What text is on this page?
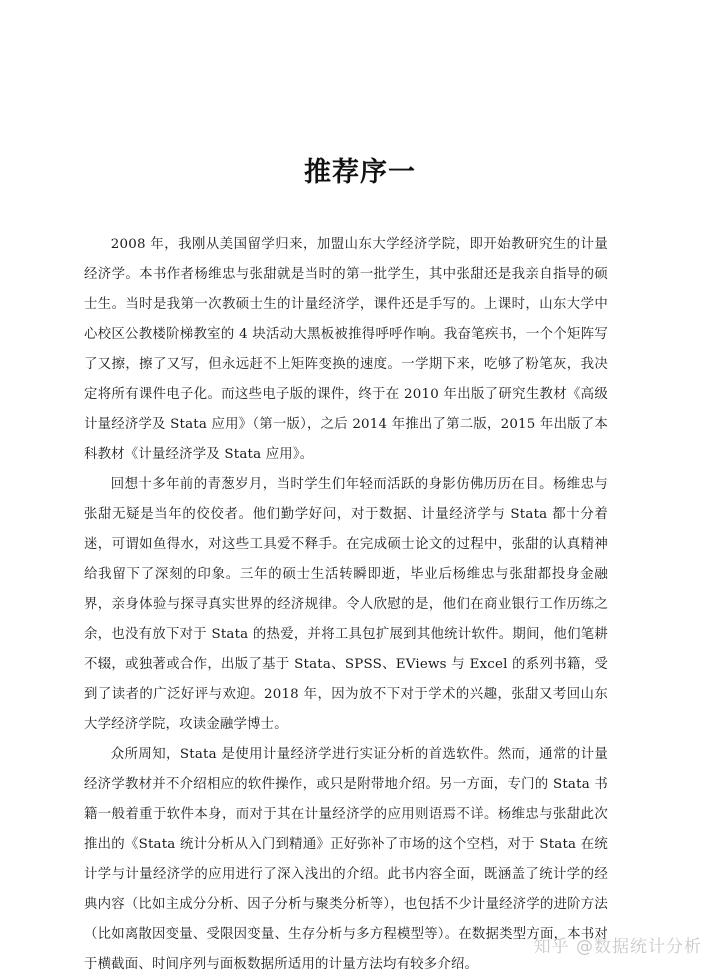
推荐序一

2008 年，我刚从美国留学归来，加盟山东大学经济学院，即开始教研究生的计量经济学。本书作者杨维忠与张甜就是当时的第一批学生，其中张甜还是我亲自指导的硕士生。当时是我第一次教硕士生的计量经济学，课件还是手写的。上课时，山东大学中心校区公教楼阶梯教室的 4 块活动大黑板被推得呼呼作响。我奋笔疾书，一个个矩阵写了又擦，擦了又写，但永远赶不上矩阵变换的速度。一学期下来，吃够了粉笔灰，我决定将所有课件电子化。而这些电子版的课件，终于在 2010 年出版了研究生教材《高级计量经济学及 Stata 应用》（第一版），之后 2014 年推出了第二版，2015 年出版了本科教材《计量经济学及 Stata 应用》。

回想十多年前的青葱岁月，当时学生们年轻而活跃的身影仿佛历历在目。杨维忠与张甜无疑是当年的佼佼者。他们勤学好问，对于数据、计量经济学与 Stata 都十分着迷，可谓如鱼得水，对这些工具爱不释手。在完成硕士论文的过程中，张甜的认真精神给我留下了深刻的印象。三年的硕士生活转瞬即逝，毕业后杨维忠与张甜都投身金融界，亲身体验与探寻真实世界的经济规律。令人欣慰的是，他们在商业银行工作历练之余，也没有放下对于 Stata 的热爱，并将工具包扩展到其他统计软件。期间，他们笔耕不辍，或独著或合作，出版了基于 Stata、SPSS、EViews 与 Excel 的系列书籍，受到了读者的广泛好评与欢迎。2018 年，因为放不下对于学术的兴趣，张甜又考回山东大学经济学院，攻读金融学博士。

众所周知，Stata 是使用计量经济学进行实证分析的首选软件。然而，通常的计量经济学教材并不介绍相应的软件操作，或只是附带地介绍。另一方面，专门的 Stata 书籍一般着重于软件本身，而对于其在计量经济学的应用则语焉不详。杨维忠与张甜此次推出的《Stata 统计分析从入门到精通》正好弥补了市场的这个空档，对于 Stata 在统计学与计量经济学的应用进行了深入浅出的介绍。此书内容全面，既涵盖了统计学的经典内容（比如主成分分析、因子分析与聚类分析等），也包括不少计量经济学的进阶方法（比如离散因变量、受限因变量、生存分析与多方程模型等）。在数据类型方面，本书对于横截面、时间序列与面板数据所适用的计量方法均有较多介绍。

知乎 @数据统计分析
